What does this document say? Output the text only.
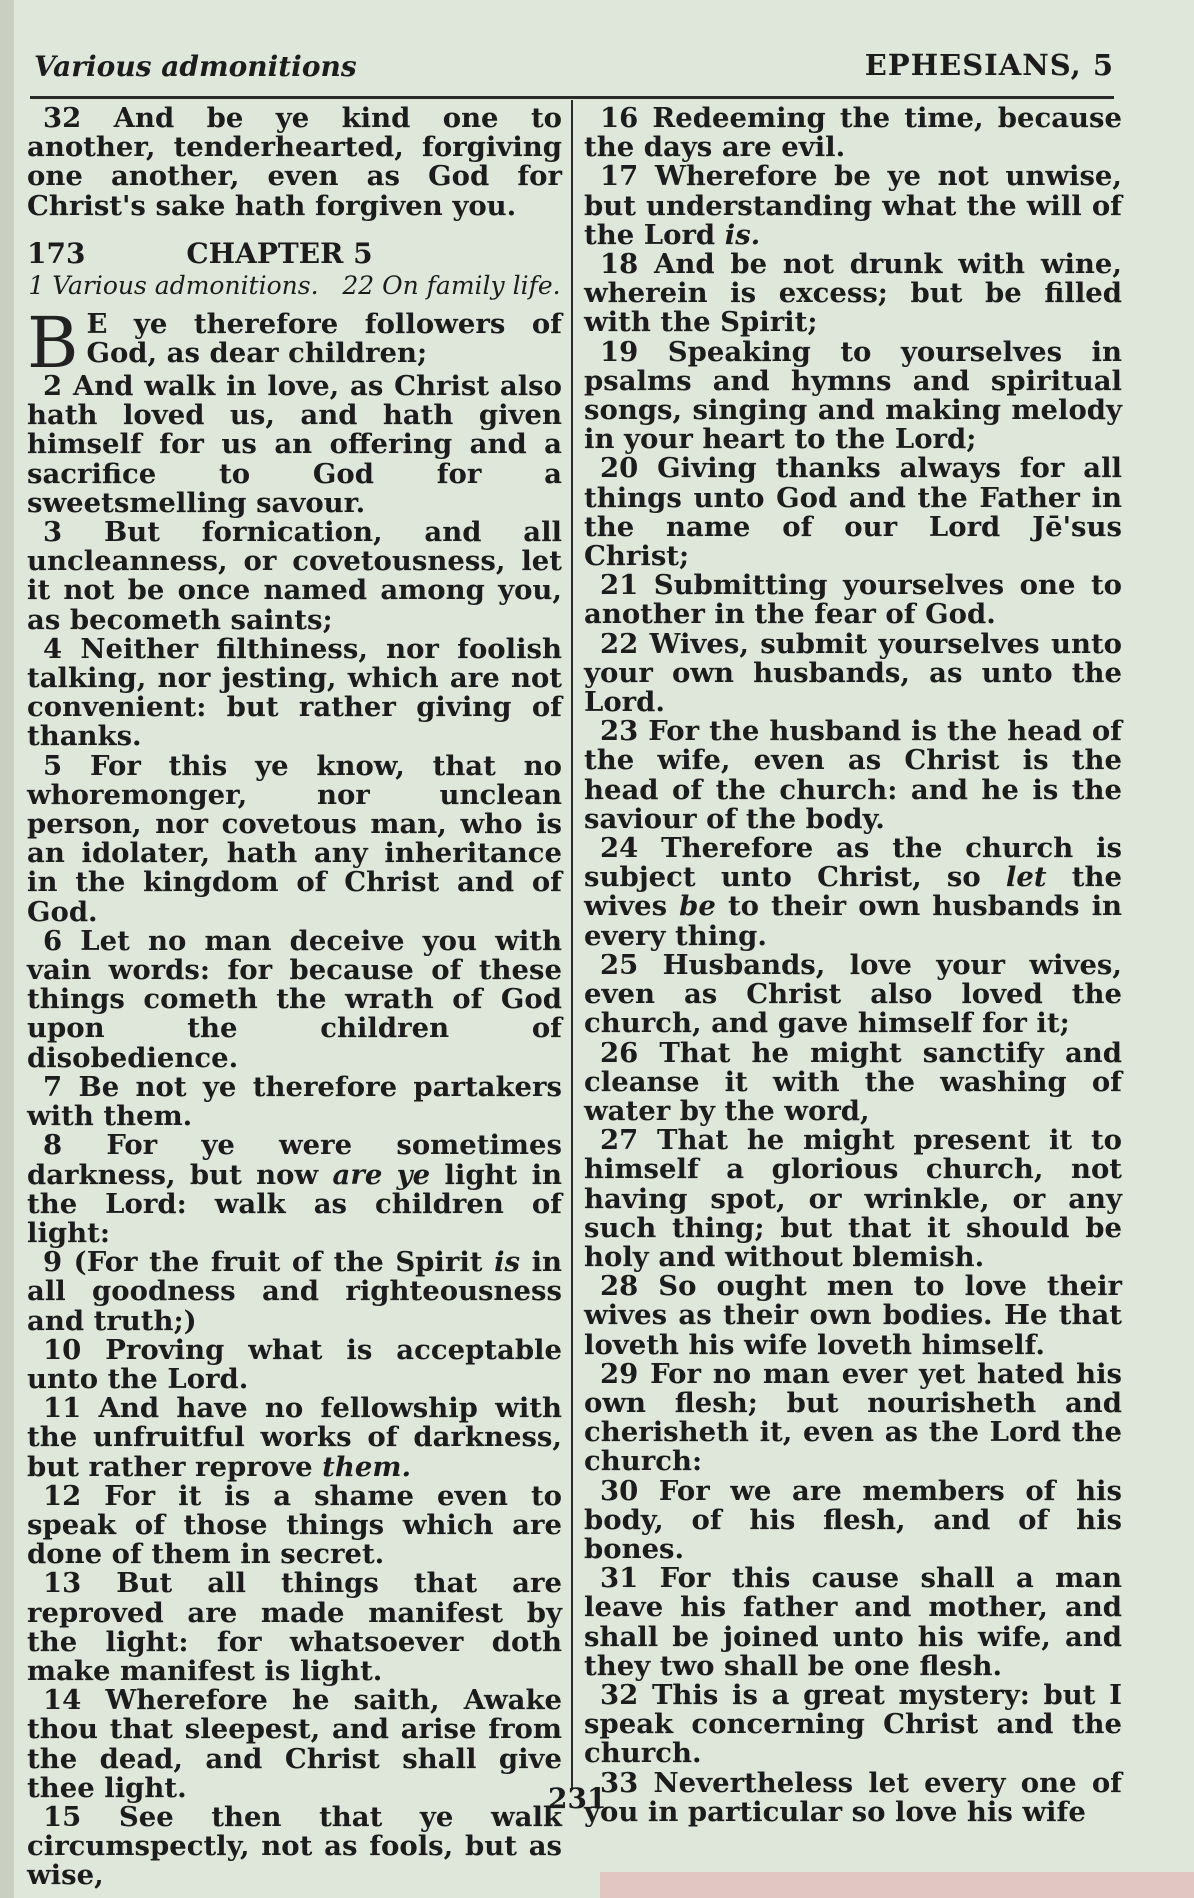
Various admonitions	EPHESIANS, 5

32 And be ye kind one to another, tenderhearted, forgiving one another, even as God for Christ's sake hath forgiven you.

173	CHAPTER 5

1 Various admonitions. 22 On family life.

B E ye therefore followers of God, as dear children;

2 And walk in love, as Christ also hath loved us, and hath given himself for us an offering and a sacrifice to God for a sweetsmelling savour.

3 But fornication, and all uncleanness, or covetousness, let it not be once named among you, as becometh saints;

4 Neither filthiness, nor foolish talking, nor jesting, which are not convenient: but rather giving of thanks.

5 For this ye know, that no whoremonger, nor unclean person, nor covetous man, who is an idolater, hath any inheritance in the kingdom of Christ and of God.

6 Let no man deceive you with vain words: for because of these things cometh the wrath of God upon the children of disobedience.

7 Be not ye therefore partakers with them.

8 For ye were sometimes darkness, but now are ye light in the Lord: walk as children of light:

9 (For the fruit of the Spirit is in all goodness and righteousness and truth;)

10 Proving what is acceptable unto the Lord.

11 And have no fellowship with the unfruitful works of darkness, but rather reprove them.

12 For it is a shame even to speak of those things which are done of them in secret.

13 But all things that are reproved are made manifest by the light: for whatsoever doth make manifest is light.

14 Wherefore he saith, Awake thou that sleepest, and arise from the dead, and Christ shall give thee light.

15 See then that ye walk circumspectly, not as fools, but as wise,

16 Redeeming the time, because the days are evil.

17 Wherefore be ye not unwise, but understanding what the will of the Lord is.

18 And be not drunk with wine, wherein is excess; but be filled with the Spirit;

19 Speaking to yourselves in psalms and hymns and spiritual songs, singing and making melody in your heart to the Lord;

20 Giving thanks always for all things unto God and the Father in the name of our Lord Jē'sus Christ;

21 Submitting yourselves one to another in the fear of God.

22 Wives, submit yourselves unto your own husbands, as unto the Lord.

23 For the husband is the head of the wife, even as Christ is the head of the church: and he is the saviour of the body.

24 Therefore as the church is subject unto Christ, so let the wives be to their own husbands in every thing.

25 Husbands, love your wives, even as Christ also loved the church, and gave himself for it;

26 That he might sanctify and cleanse it with the washing of water by the word,

27 That he might present it to himself a glorious church, not having spot, or wrinkle, or any such thing; but that it should be holy and without blemish.

28 So ought men to love their wives as their own bodies. He that loveth his wife loveth himself.

29 For no man ever yet hated his own flesh; but nourisheth and cherisheth it, even as the Lord the church:

30 For we are members of his body, of his flesh, and of his bones.

31 For this cause shall a man leave his father and mother, and shall be joined unto his wife, and they two shall be one flesh.

32 This is a great mystery: but I speak concerning Christ and the church.

33 Nevertheless let every one of you in particular so love his wife

231
